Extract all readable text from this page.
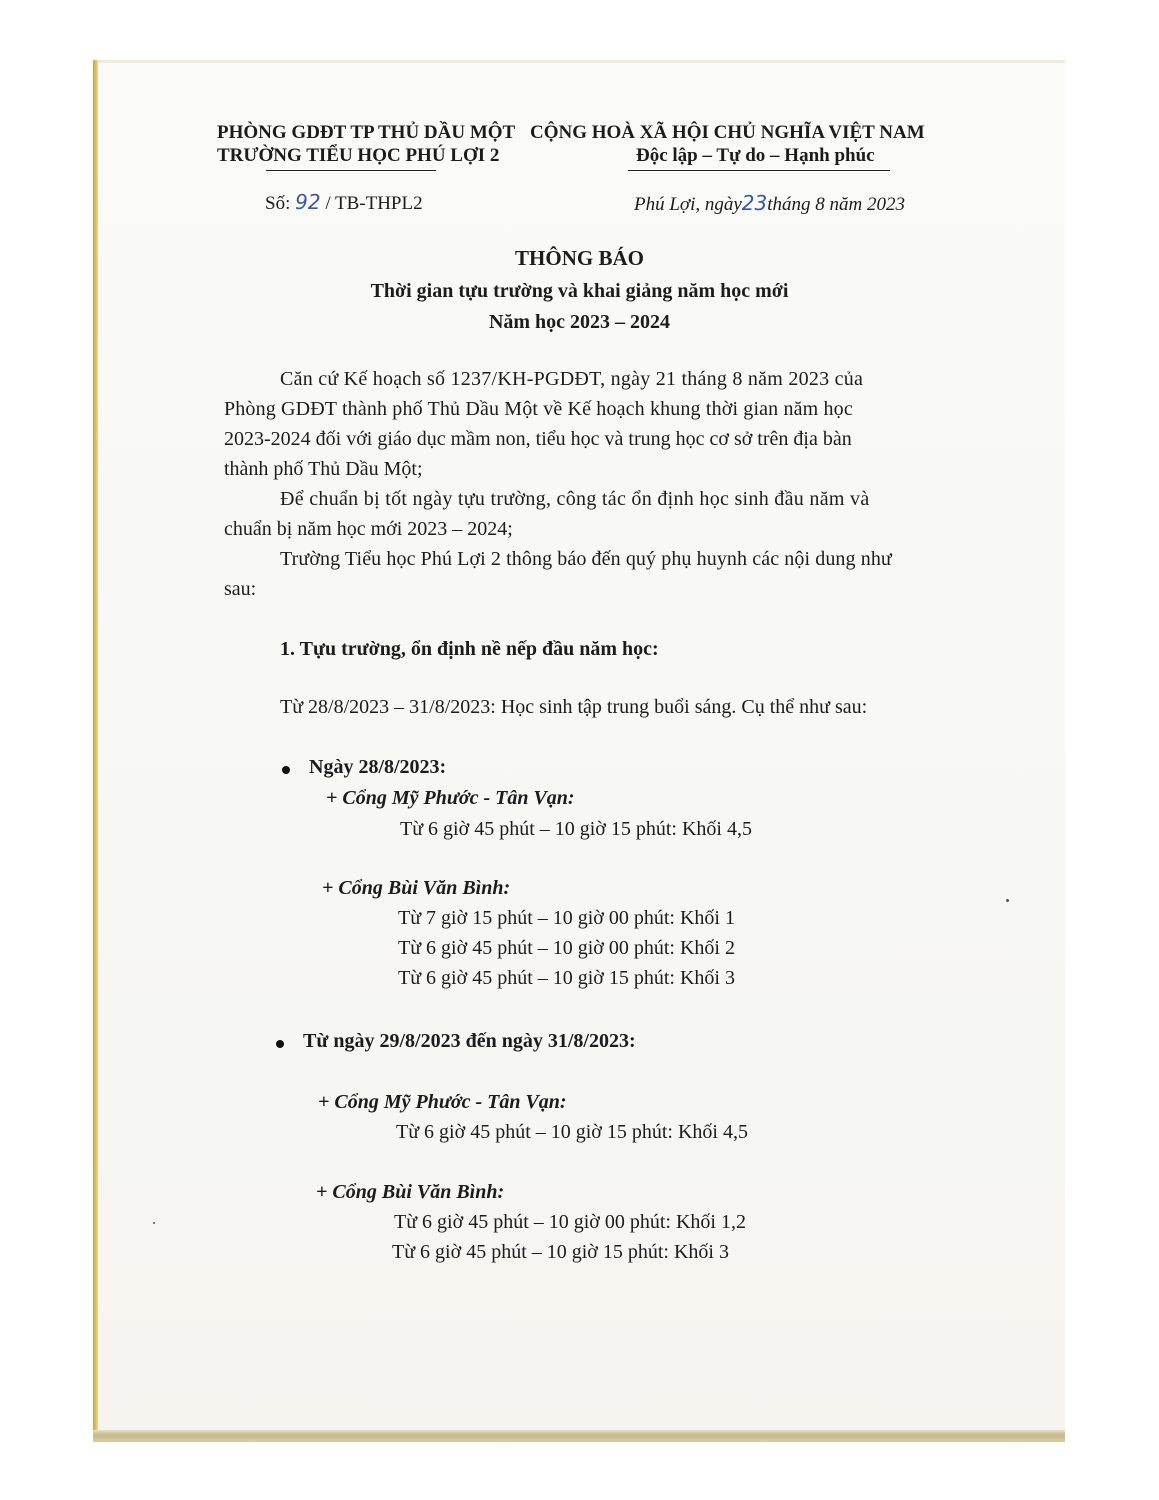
PHÒNG GDĐT TP THỦ DẦU MỘT
TRƯỜNG TIỂU HỌC PHÚ LỢI 2
CỘNG HOÀ XÃ HỘI CHỦ NGHĨA VIỆT NAM
Độc lập – Tự do – Hạnh phúc
Số: 92 / TB-THPL2	Phú Lợi, ngày23tháng 8 năm 2023
THÔNG BÁO
Thời gian tựu trường và khai giảng năm học mới
Năm học 2023 – 2024
Căn cứ Kế hoạch số 1237/KH-PGDĐT, ngày 21 tháng 8 năm 2023 của
Phòng GDĐT thành phố Thủ Dầu Một về Kế hoạch khung thời gian năm học
2023-2024 đối với giáo dục mầm non, tiểu học và trung học cơ sở trên địa bàn
thành phố Thủ Dầu Một;
Để chuẩn bị tốt ngày tựu trường, công tác ổn định học sinh đầu năm và
chuẩn bị năm học mới 2023 – 2024;
Trường Tiểu học Phú Lợi 2 thông báo đến quý phụ huynh các nội dung như
sau:
1. Tựu trường, ổn định nề nếp đầu năm học:
Từ 28/8/2023 – 31/8/2023: Học sinh tập trung buổi sáng. Cụ thể như sau:
Ngày 28/8/2023:
+ Cổng Mỹ Phước - Tân Vạn:
Từ 6 giờ 45 phút – 10 giờ 15 phút: Khối 4,5
+ Cổng Bùi Văn Bình:
Từ 7 giờ 15 phút – 10 giờ 00 phút: Khối 1
Từ 6 giờ 45 phút – 10 giờ 00 phút: Khối 2
Từ 6 giờ 45 phút – 10 giờ 15 phút: Khối 3
Từ ngày 29/8/2023 đến ngày 31/8/2023:
+ Cổng Mỹ Phước - Tân Vạn:
Từ 6 giờ 45 phút – 10 giờ 15 phút: Khối 4,5
+ Cổng Bùi Văn Bình:
Từ 6 giờ 45 phút – 10 giờ 00 phút: Khối 1,2
Từ 6 giờ 45 phút – 10 giờ 15 phút: Khối 3
